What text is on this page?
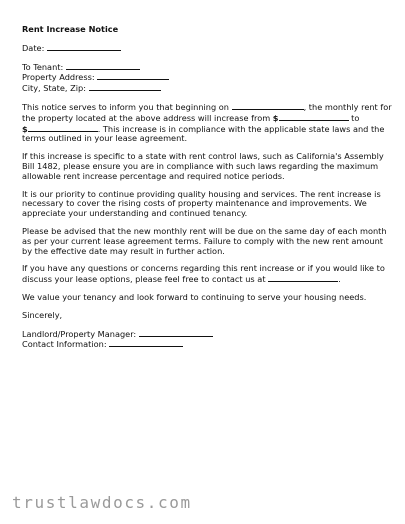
Rent Increase Notice
Date:
To Tenant:
Property Address:
City, State, Zip:
This notice serves to inform you that beginning on	, the monthly rent for
the property located at the above address will increase from $	to
$	. This increase is in compliance with the applicable state laws and the
terms outlined in your lease agreement.
If this increase is specific to a state with rent control laws, such as California's Assembly
Bill 1482, please ensure you are in compliance with such laws regarding the maximum
allowable rent increase percentage and required notice periods.
It is our priority to continue providing quality housing and services. The rent increase is
necessary to cover the rising costs of property maintenance and improvements. We
appreciate your understanding and continued tenancy.
Please be advised that the new monthly rent will be due on the same day of each month
as per your current lease agreement terms. Failure to comply with the new rent amount
by the effective date may result in further action.
If you have any questions or concerns regarding this rent increase or if you would like to
discuss your lease options, please feel free to contact us at	.
We value your tenancy and look forward to continuing to serve your housing needs.
Sincerely,
Landlord/Property Manager:
Contact Information:
trustlawdocs.com
